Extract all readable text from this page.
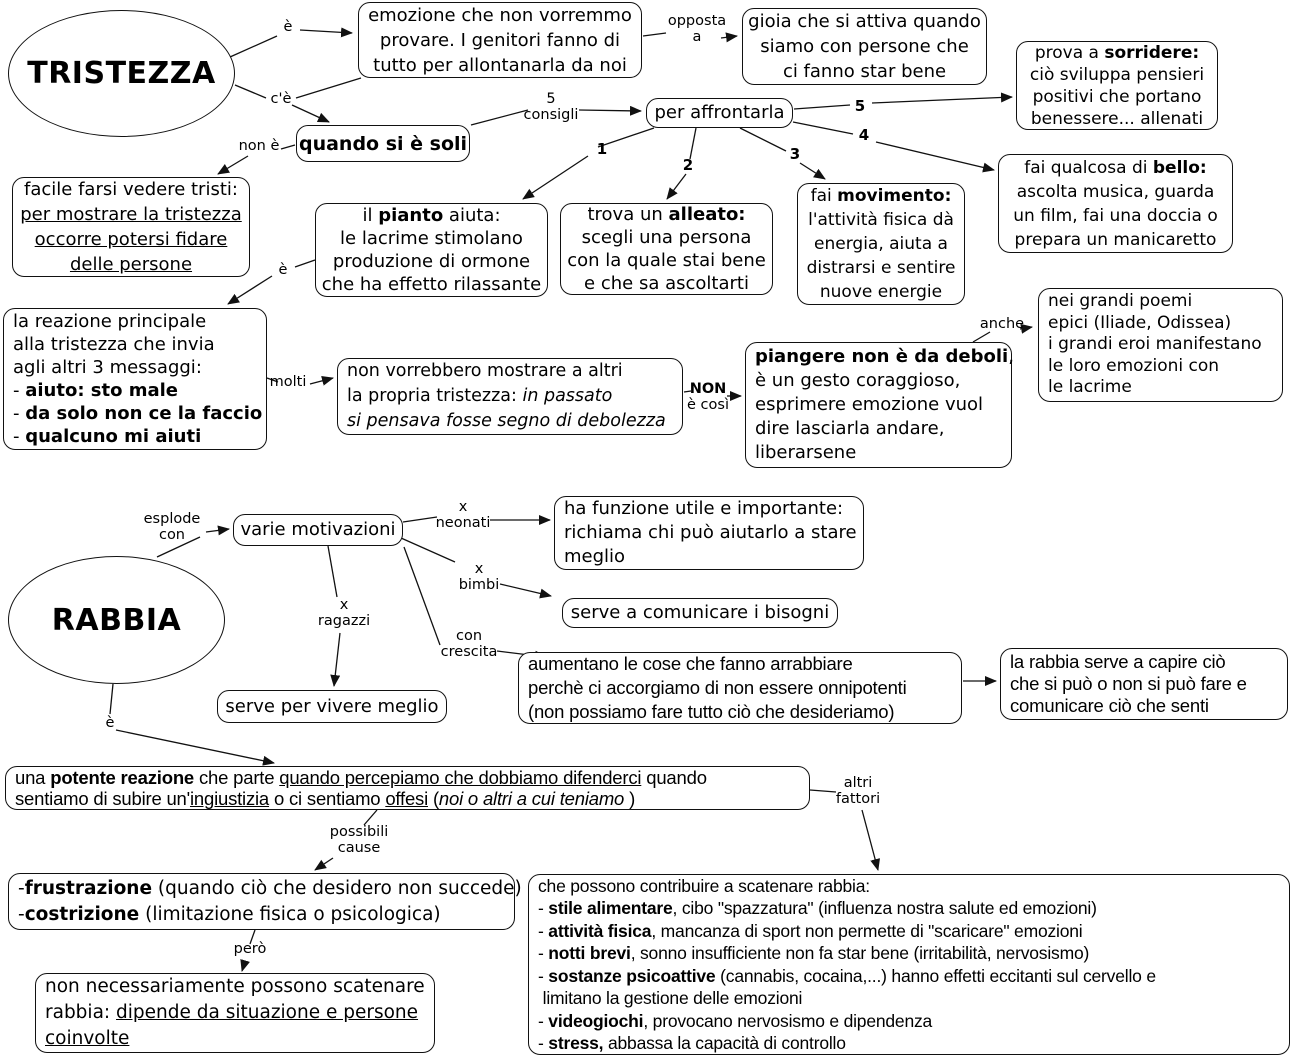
TRISTEZZA
RABBIA
emozione che non vorremmo
provare. I genitori fanno di
tutto per allontanarla da noi
gioia che si attiva quando
siamo con persone che
ci fanno star bene
prova a sorridere:
ciò sviluppa pensieri
positivi che portano
benessere... allenati
quando si è soli
per affrontarla
facile farsi vedere tristi:
per mostrare la tristezza
occorre potersi fidare
delle persone
il pianto aiuta:
le lacrime stimolano
produzione di ormone
che ha effetto rilassante
trova un alleato:
scegli una persona
con la quale stai bene
e che sa ascoltarti
fai movimento:
l'attività fisica dà
energia, aiuta a
distrarsi e sentire
nuove energie
fai qualcosa di bello:
ascolta musica, guarda
un film, fai una doccia o
prepara un manicaretto
la reazione principale
alla tristezza che invia
agli altri 3 messaggi:
- aiuto: sto male
- da solo non ce la faccio
- qualcuno mi aiuti
non vorrebbero mostrare a altri
la propria tristezza: in passato
si pensava fosse segno di debolezza
piangere non è da deboli,
è un gesto coraggioso,
esprimere emozione vuol
dire lasciarla andare,
liberarsene
nei grandi poemi
epici (Iliade, Odissea)
i grandi eroi manifestano
le loro emozioni con
le lacrime
varie motivazioni
ha funzione utile e importante:
richiama chi può aiutarlo a stare
meglio
serve a comunicare i bisogni
serve per vivere meglio
aumentano le cose che fanno arrabbiare
perchè ci accorgiamo di non essere onnipotenti
(non possiamo fare tutto ciò che desideriamo)
la rabbia serve a capire ciò
che si può o non si può fare e
comunicare ciò che senti
una potente reazione che parte quando percepiamo che dobbiamo difenderci quando
sentiamo di subire un'ingiustizia o ci sentiamo offesi (noi o altri a cui teniamo )
-frustrazione (quando ciò che desidero non succede)
-costrizione (limitazione fisica o psicologica)
non necessariamente possono scatenare
rabbia: dipende da situazione e persone
coinvolte
che possono contribuire a scatenare rabbia:
- stile alimentare, cibo "spazzatura" (influenza nostra salute ed emozioni)
- attività fisica, mancanza di sport non permette di "scaricare" emozioni
- notti brevi, sonno insufficiente non fa star bene (irritabilità, nervosismo)
- sostanze psicoattive (cannabis, cocaina,...) hanno effetti eccitanti sul cervello e
limitano la gestione delle emozioni
- videogiochi, provocano nervosismo e dipendenza
- stress, abbassa la capacità di controllo
è	opposta
a
c'è	5
consigli
non è	1
2
3
4
5
è
molti	NON
è così
anche
esplode
con
x
neonati
x
bimbi
x
ragazzi
con
crescita
è
altri
fattori
possibili
cause
però
